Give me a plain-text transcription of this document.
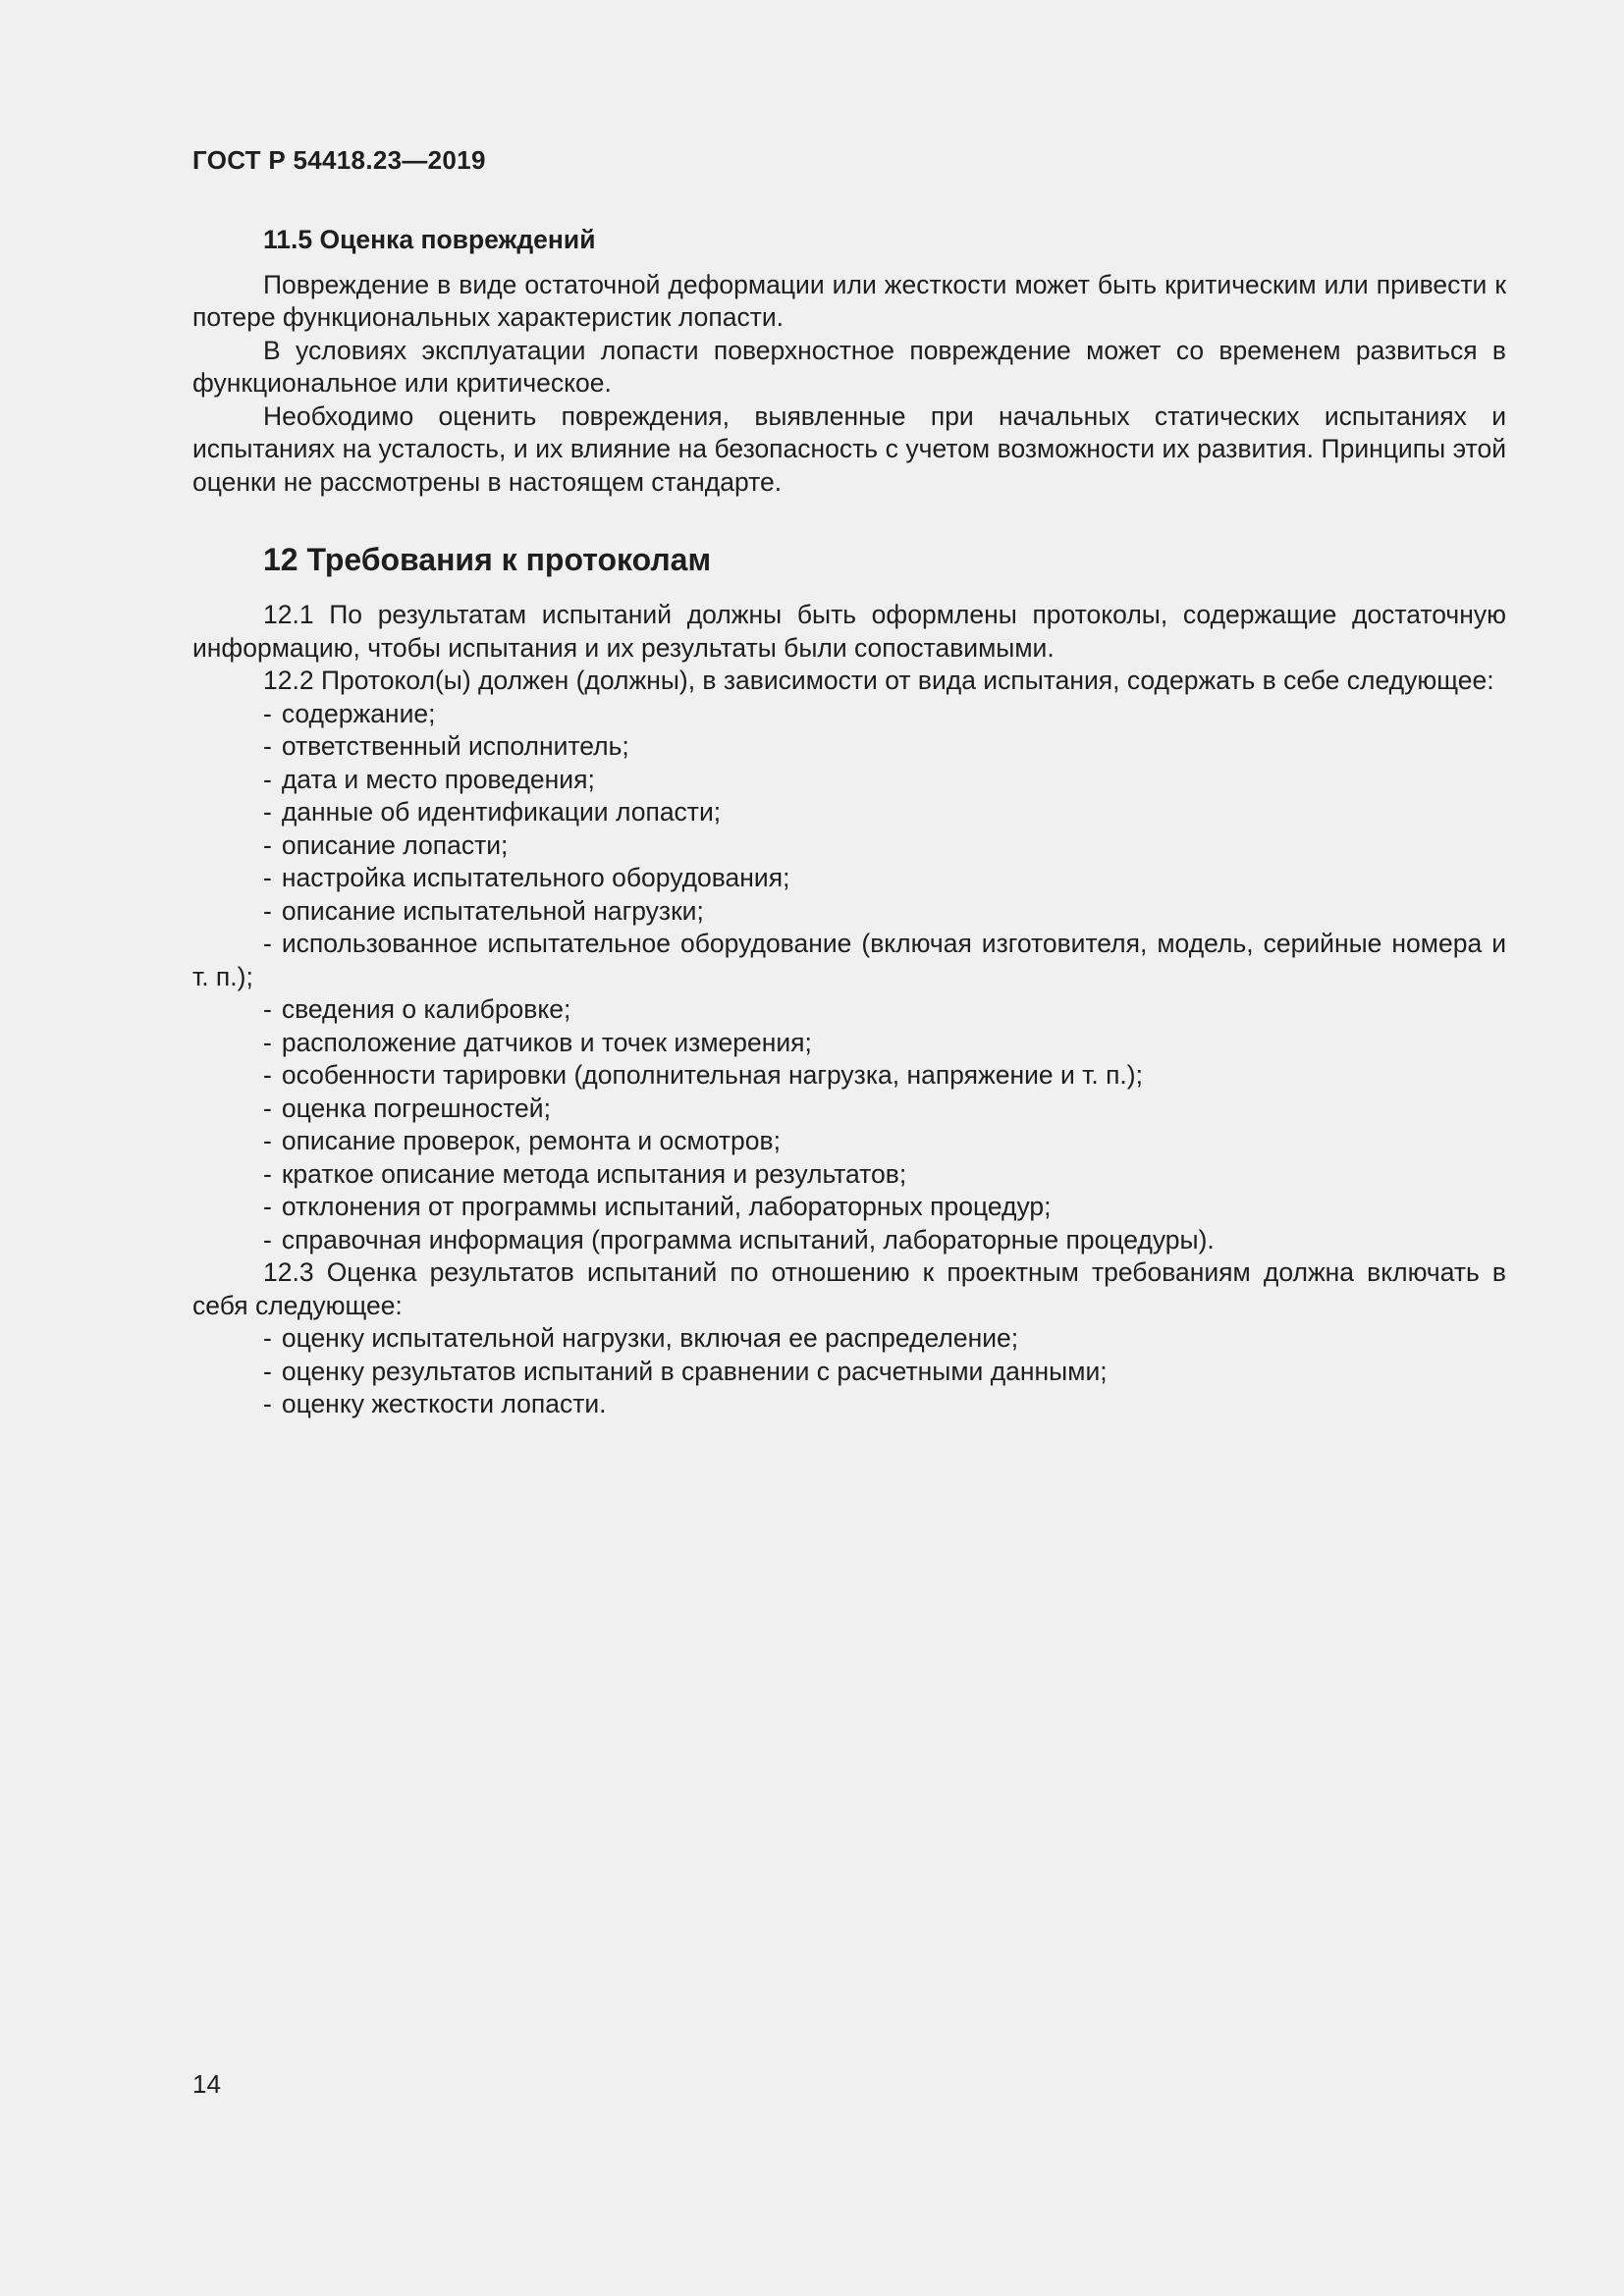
ГОСТ Р 54418.23—2019
11.5 Оценка повреждений

Повреждение в виде остаточной деформации или жесткости может быть критическим или привести к потере функциональных характеристик лопасти.

В условиях эксплуатации лопасти поверхностное повреждение может со временем развиться в функциональное или критическое.

Необходимо оценить повреждения, выявленные при начальных статических испытаниях и испытаниях на усталость, и их влияние на безопасность с учетом возможности их развития. Принципы этой оценки не рассмотрены в настоящем стандарте.

12 Требования к протоколам

12.1 По результатам испытаний должны быть оформлены протоколы, содержащие достаточную информацию, чтобы испытания и их результаты были сопоставимыми.

12.2 Протокол(ы) должен (должны), в зависимости от вида испытания, содержать в себе следующее:

- содержание;
- ответственный исполнитель;
- дата и место проведения;
- данные об идентификации лопасти;
- описание лопасти;
- настройка испытательного оборудования;
- описание испытательной нагрузки;
- использованное испытательное оборудование (включая изготовителя, модель, серийные номера и т. п.);
- сведения о калибровке;
- расположение датчиков и точек измерения;
- особенности тарировки (дополнительная нагрузка, напряжение и т. п.);
- оценка погрешностей;
- описание проверок, ремонта и осмотров;
- краткое описание метода испытания и результатов;
- отклонения от программы испытаний, лабораторных процедур;
- справочная информация (программа испытаний, лабораторные процедуры).

12.3 Оценка результатов испытаний по отношению к проектным требованиям должна включать в себя следующее:

- оценку испытательной нагрузки, включая ее распределение;
- оценку результатов испытаний в сравнении с расчетными данными;
- оценку жесткости лопасти.
14
